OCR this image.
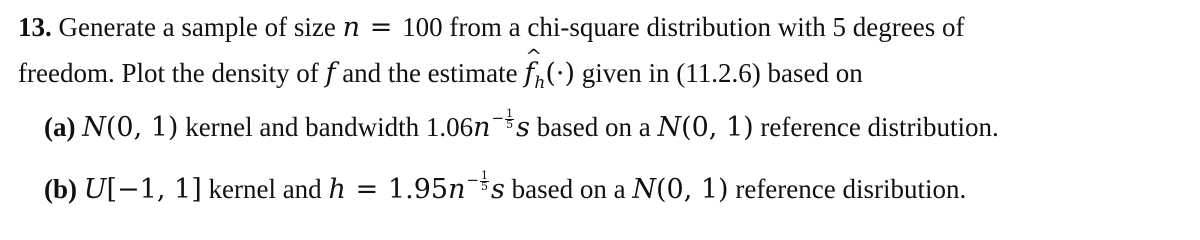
13. Generate a sample of size n = 100 from a chi-square distribution with 5 degrees of
freedom. Plot the density of f and the estimate
^
$f_h(\cdot)$ given in (11.2.6) based on
(a) N(0, 1) kernel and bandwidth $1.06n- \frac{1}{5}$ s based on a N(0, 1) reference distribution.
(b) U[−1, 1] kernel and $h = 1.95n- \frac{1}{5}$ s based on a N(0, 1) reference disribution.
